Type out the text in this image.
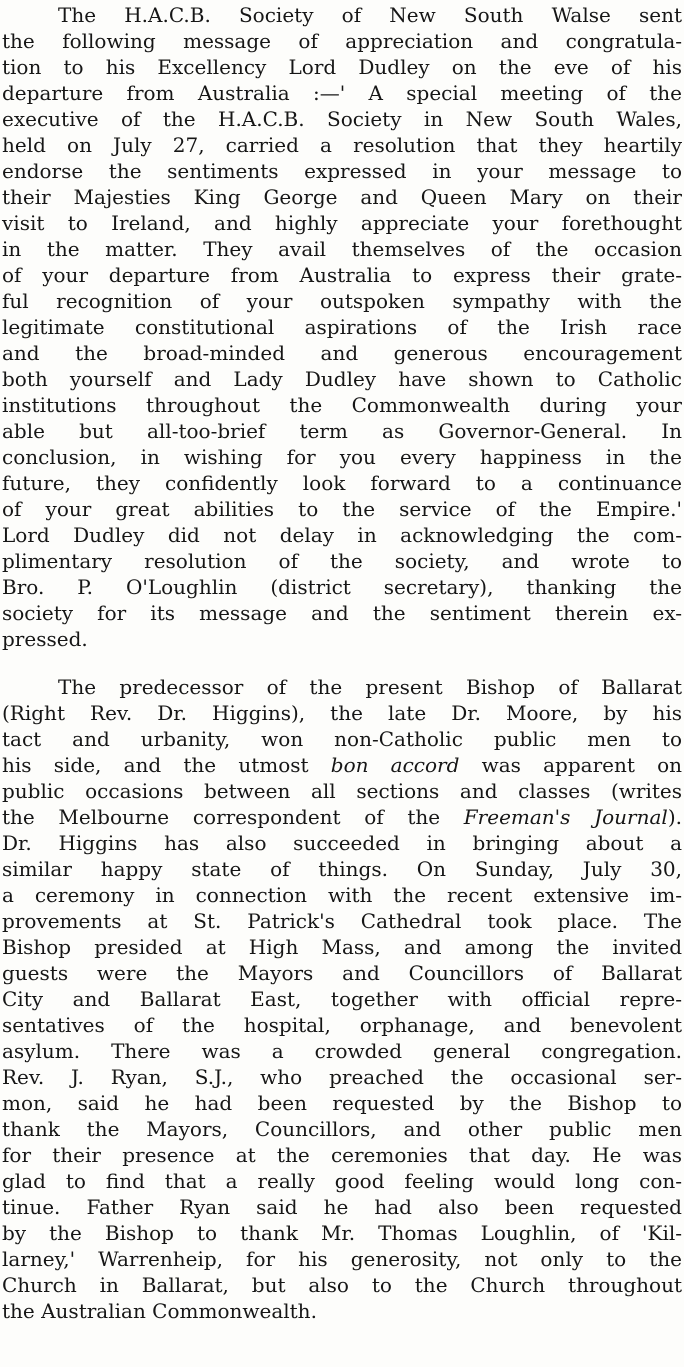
The H.A.C.B. Society of New South Walse sent
the following message of appreciation and congratula-
tion to his Excellency Lord Dudley on the eve of his
departure from Australia :—' A special meeting of the
executive of the H.A.C.B. Society in New South Wales,
held on July 27, carried a resolution that they heartily
endorse the sentiments expressed in your message to
their Majesties King George and Queen Mary on their
visit to Ireland, and highly appreciate your forethought
in the matter. They avail themselves of the occasion
of your departure from Australia to express their grate-
ful recognition of your outspoken sympathy with the
legitimate constitutional aspirations of the Irish race
and the broad-minded and generous encouragement
both yourself and Lady Dudley have shown to Catholic
institutions throughout the Commonwealth during your
able but all-too-brief term as Governor-General. In
conclusion, in wishing for you every happiness in the
future, they confidently look forward to a continuance
of your great abilities to the service of the Empire.'
Lord Dudley did not delay in acknowledging the com-
plimentary resolution of the society, and wrote to
Bro. P. O'Loughlin (district secretary), thanking the
society for its message and the sentiment therein ex-
pressed.
The predecessor of the present Bishop of Ballarat
(Right Rev. Dr. Higgins), the late Dr. Moore, by his
tact and urbanity, won non-Catholic public men to
his side, and the utmost bon accord was apparent on
public occasions between all sections and classes (writes
the Melbourne correspondent of the Freeman's Journal).
Dr. Higgins has also succeeded in bringing about a
similar happy state of things. On Sunday, July 30,
a ceremony in connection with the recent extensive im-
provements at St. Patrick's Cathedral took place. The
Bishop presided at High Mass, and among the invited
guests were the Mayors and Councillors of Ballarat
City and Ballarat East, together with official repre-
sentatives of the hospital, orphanage, and benevolent
asylum. There was a crowded general congregation.
Rev. J. Ryan, S.J., who preached the occasional ser-
mon, said he had been requested by the Bishop to
thank the Mayors, Councillors, and other public men
for their presence at the ceremonies that day. He was
glad to find that a really good feeling would long con-
tinue. Father Ryan said he had also been requested
by the Bishop to thank Mr. Thomas Loughlin, of 'Kil-
larney,' Warrenheip, for his generosity, not only to the
Church in Ballarat, but also to the Church throughout
the Australian Commonwealth.
